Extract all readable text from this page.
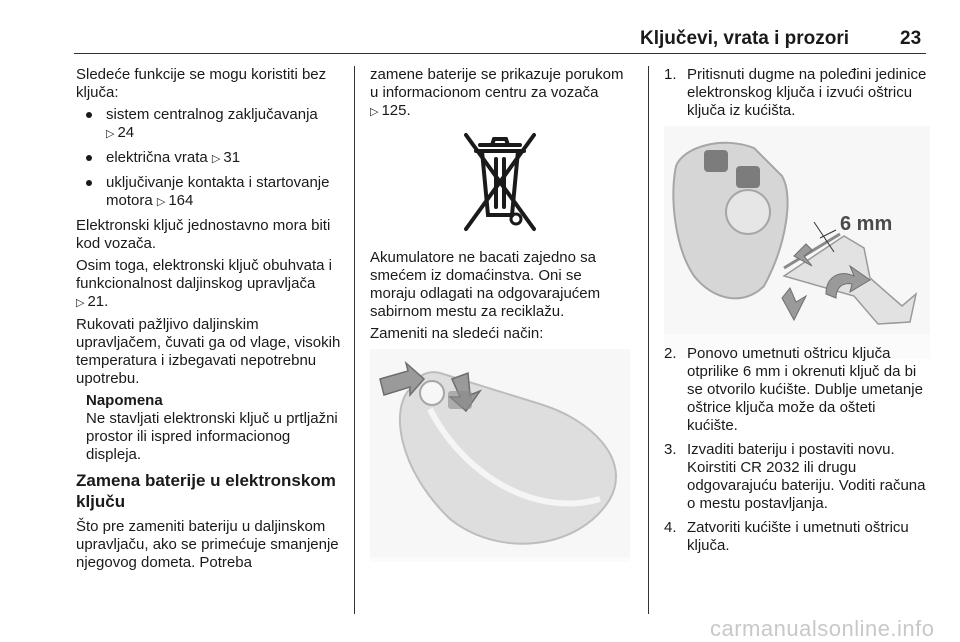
Ključevi, vrata i prozori	23

Sledeće funkcije se mogu koristiti bez ključa:

sistem centralnog zaključavanja ▷ 24
električna vrata ▷ 31
uključivanje kontakta i startovanje motora ▷ 164

Elektronski ključ jednostavno mora biti kod vozača.

Osim toga, elektronski ključ obuhvata i funkcionalnost daljinskog upravljača ▷ 21.

Rukovati pažljivo daljinskim upravljačem, čuvati ga od vlage, visokih temperatura i izbegavati nepotrebnu upotrebu.

Napomena
Ne stavljati elektronski ključ u prtljažni prostor ili ispred informacionog displeja.
Zamena baterije u elektronskom ključu

Što pre zameniti bateriju u daljinskom upravljaču, ako se primećuje smanjenje njegovog dometa. Potreba

zamene baterije se prikazuje porukom u informacionom centru za vozača ▷ 125.

Akumulatore ne bacati zajedno sa smećem iz domaćinstva. Oni se moraju odlagati na odgovarajućem sabirnom mestu za reciklažu.

Zameniti na sledeći način:

1. Pritisnuti dugme na poleđini jedinice elektronskog ključa i izvući oštricu ključa iz kućišta.
6 mm
2. Ponovo umetnuti oštricu ključa otprilike 6 mm i okrenuti ključ da bi se otvorilo kućište. Dublje umetanje oštrice ključa može da ošteti kućište.
3. Izvaditi bateriju i postaviti novu. Koirstiti CR 2032 ili drugu odgovarajuću bateriju. Voditi računa o mestu postavljanja.
4. Zatvoriti kućište i umetnuti oštricu ključa.
carmanualsonline.info
